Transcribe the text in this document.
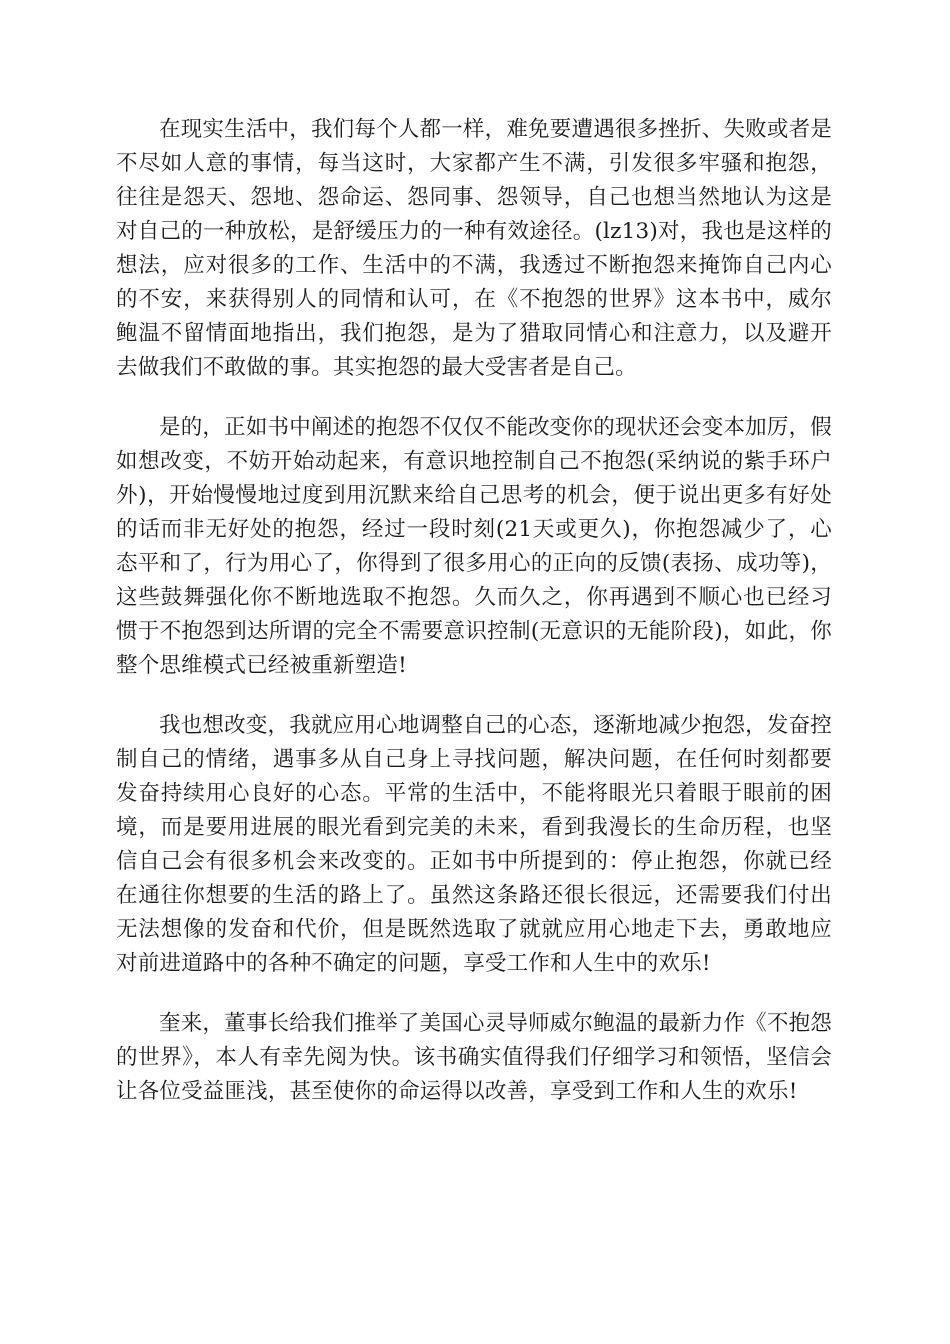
在现实生活中，我们每个人都一样，难免要遭遇很多挫折、失败或者是不尽如人意的事情，每当这时，大家都产生不满，引发很多牢骚和抱怨，往往是怨天、怨地、怨命运、怨同事、怨领导，自己也想当然地认为这是对自己的一种放松，是舒缓压力的一种有效途径。(lz13)对，我也是这样的想法，应对很多的工作、生活中的不满，我透过不断抱怨来掩饰自己内心的不安，来获得别人的同情和认可，在《不抱怨的世界》这本书中，威尔鲍温不留情面地指出，我们抱怨，是为了猎取同情心和注意力，以及避开去做我们不敢做的事。其实抱怨的最大受害者是自己。

是的，正如书中阐述的抱怨不仅仅不能改变你的现状还会变本加厉，假如想改变，不妨开始动起来，有意识地控制自己不抱怨(采纳说的紫手环户外)，开始慢慢地过度到用沉默来给自己思考的机会，便于说出更多有好处的话而非无好处的抱怨，经过一段时刻(21天或更久)，你抱怨减少了，心态平和了，行为用心了，你得到了很多用心的正向的反馈(表扬、成功等)，这些鼓舞强化你不断地选取不抱怨。久而久之，你再遇到不顺心也已经习惯于不抱怨到达所谓的完全不需要意识控制(无意识的无能阶段)，如此，你整个思维模式已经被重新塑造!

我也想改变，我就应用心地调整自己的心态，逐渐地减少抱怨，发奋控制自己的情绪，遇事多从自己身上寻找问题，解决问题，在任何时刻都要发奋持续用心良好的心态。平常的生活中，不能将眼光只着眼于眼前的困境，而是要用进展的眼光看到完美的未来，看到我漫长的生命历程，也坚信自己会有很多机会来改变的。正如书中所提到的：停止抱怨，你就已经在通往你想要的生活的路上了。虽然这条路还很长很远，还需要我们付出无法想像的发奋和代价，但是既然选取了就就应用心地走下去，勇敢地应对前进道路中的各种不确定的问题，享受工作和人生中的欢乐!

奎来，董事长给我们推举了美国心灵导师威尔鲍温的最新力作《不抱怨的世界》，本人有幸先阅为快。该书确实值得我们仔细学习和领悟，坚信会让各位受益匪浅，甚至使你的命运得以改善，享受到工作和人生的欢乐!
